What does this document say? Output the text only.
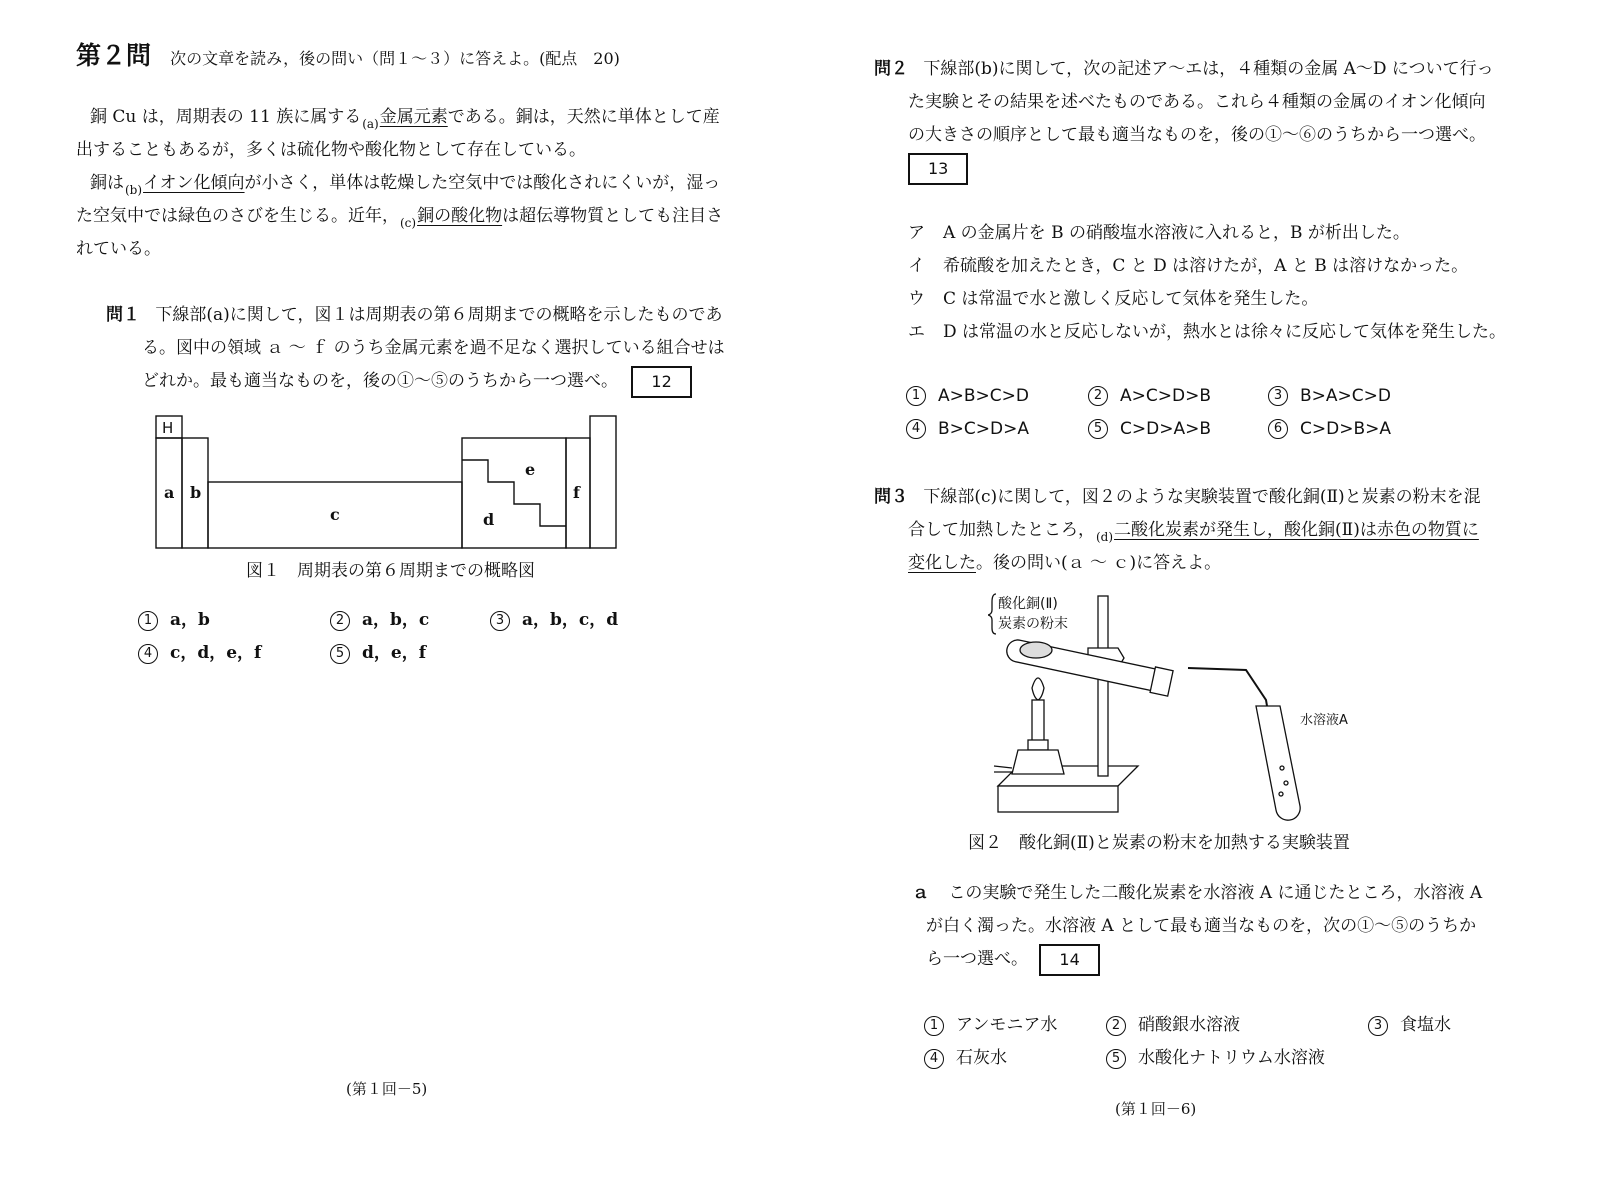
第２問 次の文章を読み，後の問い（問１～３）に答えよ。(配点　20)
銅 Cu は，周期表の 11 族に属する$_{(a)}$金属元素である。銅は，天然に単体として産
出することもあるが，多くは硫化物や酸化物として存在している。
銅は$_{(b)}$イオン化傾向が小さく，単体は乾燥した空気中では酸化されにくいが，湿っ
た空気中では緑色のさびを生じる。近年，$_{(c)}$銅の酸化物は超伝導物質としても注目さ
れている。
問１ 下線部(a)に関して，図１は周期表の第６周期までの概略を示したものであ
る。図中の領域 ａ ～ ｆ のうち金属元素を過不足なく選択している組合せは
どれか。最も適当なものを，後の①～⑤のうちから一つ選べ。 12
H
a b
c	d
e
f
図１　周期表の第６周期までの概略図
1 a，b	2 a，b，c	3 a，b，c，d
4 c，d，e，f	5 d，e，f
(第１回－5)
問２ 下線部(b)に関して，次の記述ア～エは，４種類の金属 A～D について行っ
た実験とその結果を述べたものである。これら４種類の金属のイオン化傾向
の大きさの順序として最も適当なものを，後の①～⑥のうちから一つ選べ。
13
ア A の金属片を B の硝酸塩水溶液に入れると，B が析出した。
イ 希硫酸を加えたとき，C と D は溶けたが，A と B は溶けなかった。
ウ C は常温で水と激しく反応して気体を発生した。
エ D は常温の水と反応しないが，熱水とは徐々に反応して気体を発生した。
1 A>B>C>D	2 A>C>D>B	3 B>A>C>D
4 B>C>D>A	5 C>D>A>B	6 C>D>B>A
問３ 下線部(c)に関して，図２のような実験装置で酸化銅(Ⅱ)と炭素の粉末を混
合して加熱したところ，$_{(d)}$二酸化炭素が発生し，酸化銅(Ⅱ)は赤色の物質に
変化した。後の問い(ａ ～ ｃ)に答えよ。
酸化銅(Ⅱ)
炭素の粉末
水溶液A
図２　酸化銅(Ⅱ)と炭素の粉末を加熱する実験装置
ａ この実験で発生した二酸化炭素を水溶液 A に通じたところ，水溶液 A
が白く濁った。水溶液 A として最も適当なものを，次の①～⑤のうちか
ら一つ選べ。 14
1 アンモニア水	2 硝酸銀水溶液	3 食塩水
4 石灰水	5 水酸化ナトリウム水溶液
(第１回－6)
